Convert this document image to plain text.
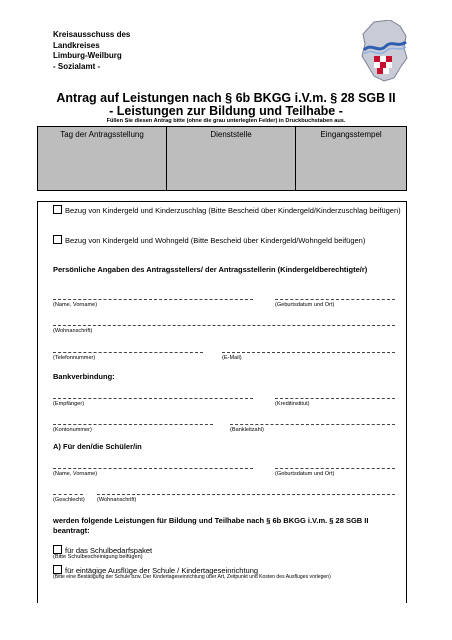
Kreisausschuss des
Landkreises
Limburg-Weilburg
- Sozialamt -
Antrag auf Leistungen nach § 6b BKGG i.V.m. § 28 SGB II
- Leistungen zur Bildung und Teilhabe -
Füllen Sie diesen Antrag bitte (ohne die grau unterlegten Felder) in Druckbuchstaben aus.
Tag der Antragsstellung	Dienststelle	Eingangsstempel
Bezug von Kindergeld und Kinderzuschlag (Bitte Bescheid über Kindergeld/Kinderzuschlag beifügen)
Bezug von Kindergeld und Wohngeld (Bitte Bescheid über Kindergeld/Wohngeld beifügen)
Persönliche Angaben des Antragsstellers/ der Antragsstellerin (Kindergeldberechtigte/r)
(Name, Vorname)	(Geburtsdatum und Ort)
(Wohnanschrift)
(Telefonnummer)	(E-Mail)
Bankverbindung:
(Empfänger)	(Kreditinstitut)
(Kontonummer)	(Bankleitzahl)
A) Für den/die Schüler/in
(Name, Vorname)	(Geburtsdatum und Ort)
(Geschlecht) (Wohnanschrift)
werden folgende Leistungen für Bildung und Teilhabe nach § 6b BKGG i.V.m. § 28 SGB II beantragt:
für das Schulbedarfspaket
(Bitte Schulbescheinigung beifügen)
für eintägige Ausflüge der Schule / Kindertageseinrichtung
(Bitte eine Bestätigung der Schule bzw. Der Kindertageseinrichtung über Art, Zeitpunkt und Kosten des Ausfluges vorlegen)
